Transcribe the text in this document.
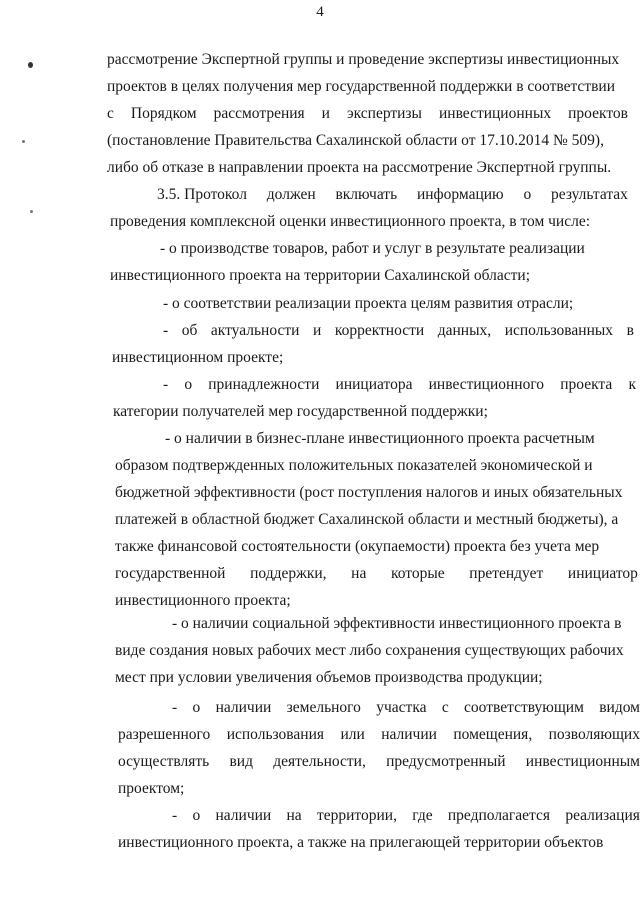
4
рассмотрение Экспертной группы и проведение экспертизы инвестиционных
проектов в целях получения мер государственной поддержки в соответствии
с Порядком рассмотрения и экспертизы инвестиционных проектов
(постановление Правительства Сахалинской области от 17.10.2014 № 509),
либо об отказе в направлении проекта на рассмотрение Экспертной группы.
3.5. Протокол должен включать информацию о результатах
проведения комплексной оценки инвестиционного проекта, в том числе:
- о производстве товаров, работ и услуг в результате реализации
инвестиционного проекта на территории Сахалинской области;
- о соответствии реализации проекта целям развития отрасли;
- об актуальности и корректности данных, использованных в
инвестиционном проекте;
- о принадлежности инициатора инвестиционного проекта к
категории получателей мер государственной поддержки;
- о наличии в бизнес-плане инвестиционного проекта расчетным
образом подтвержденных положительных показателей экономической и
бюджетной эффективности (рост поступления налогов и иных обязательных
платежей в областной бюджет Сахалинской области и местный бюджеты), а
также финансовой состоятельности (окупаемости) проекта без учета мер
государственной поддержки, на которые претендует инициатор
инвестиционного проекта;
- о наличии социальной эффективности инвестиционного проекта в
виде создания новых рабочих мест либо сохранения существующих рабочих
мест при условии увеличения объемов производства продукции;
- о наличии земельного участка с соответствующим видом
разрешенного использования или наличии помещения, позволяющих
осуществлять вид деятельности, предусмотренный инвестиционным
проектом;
- о наличии на территории, где предполагается реализация
инвестиционного проекта, а также на прилегающей территории объектов
